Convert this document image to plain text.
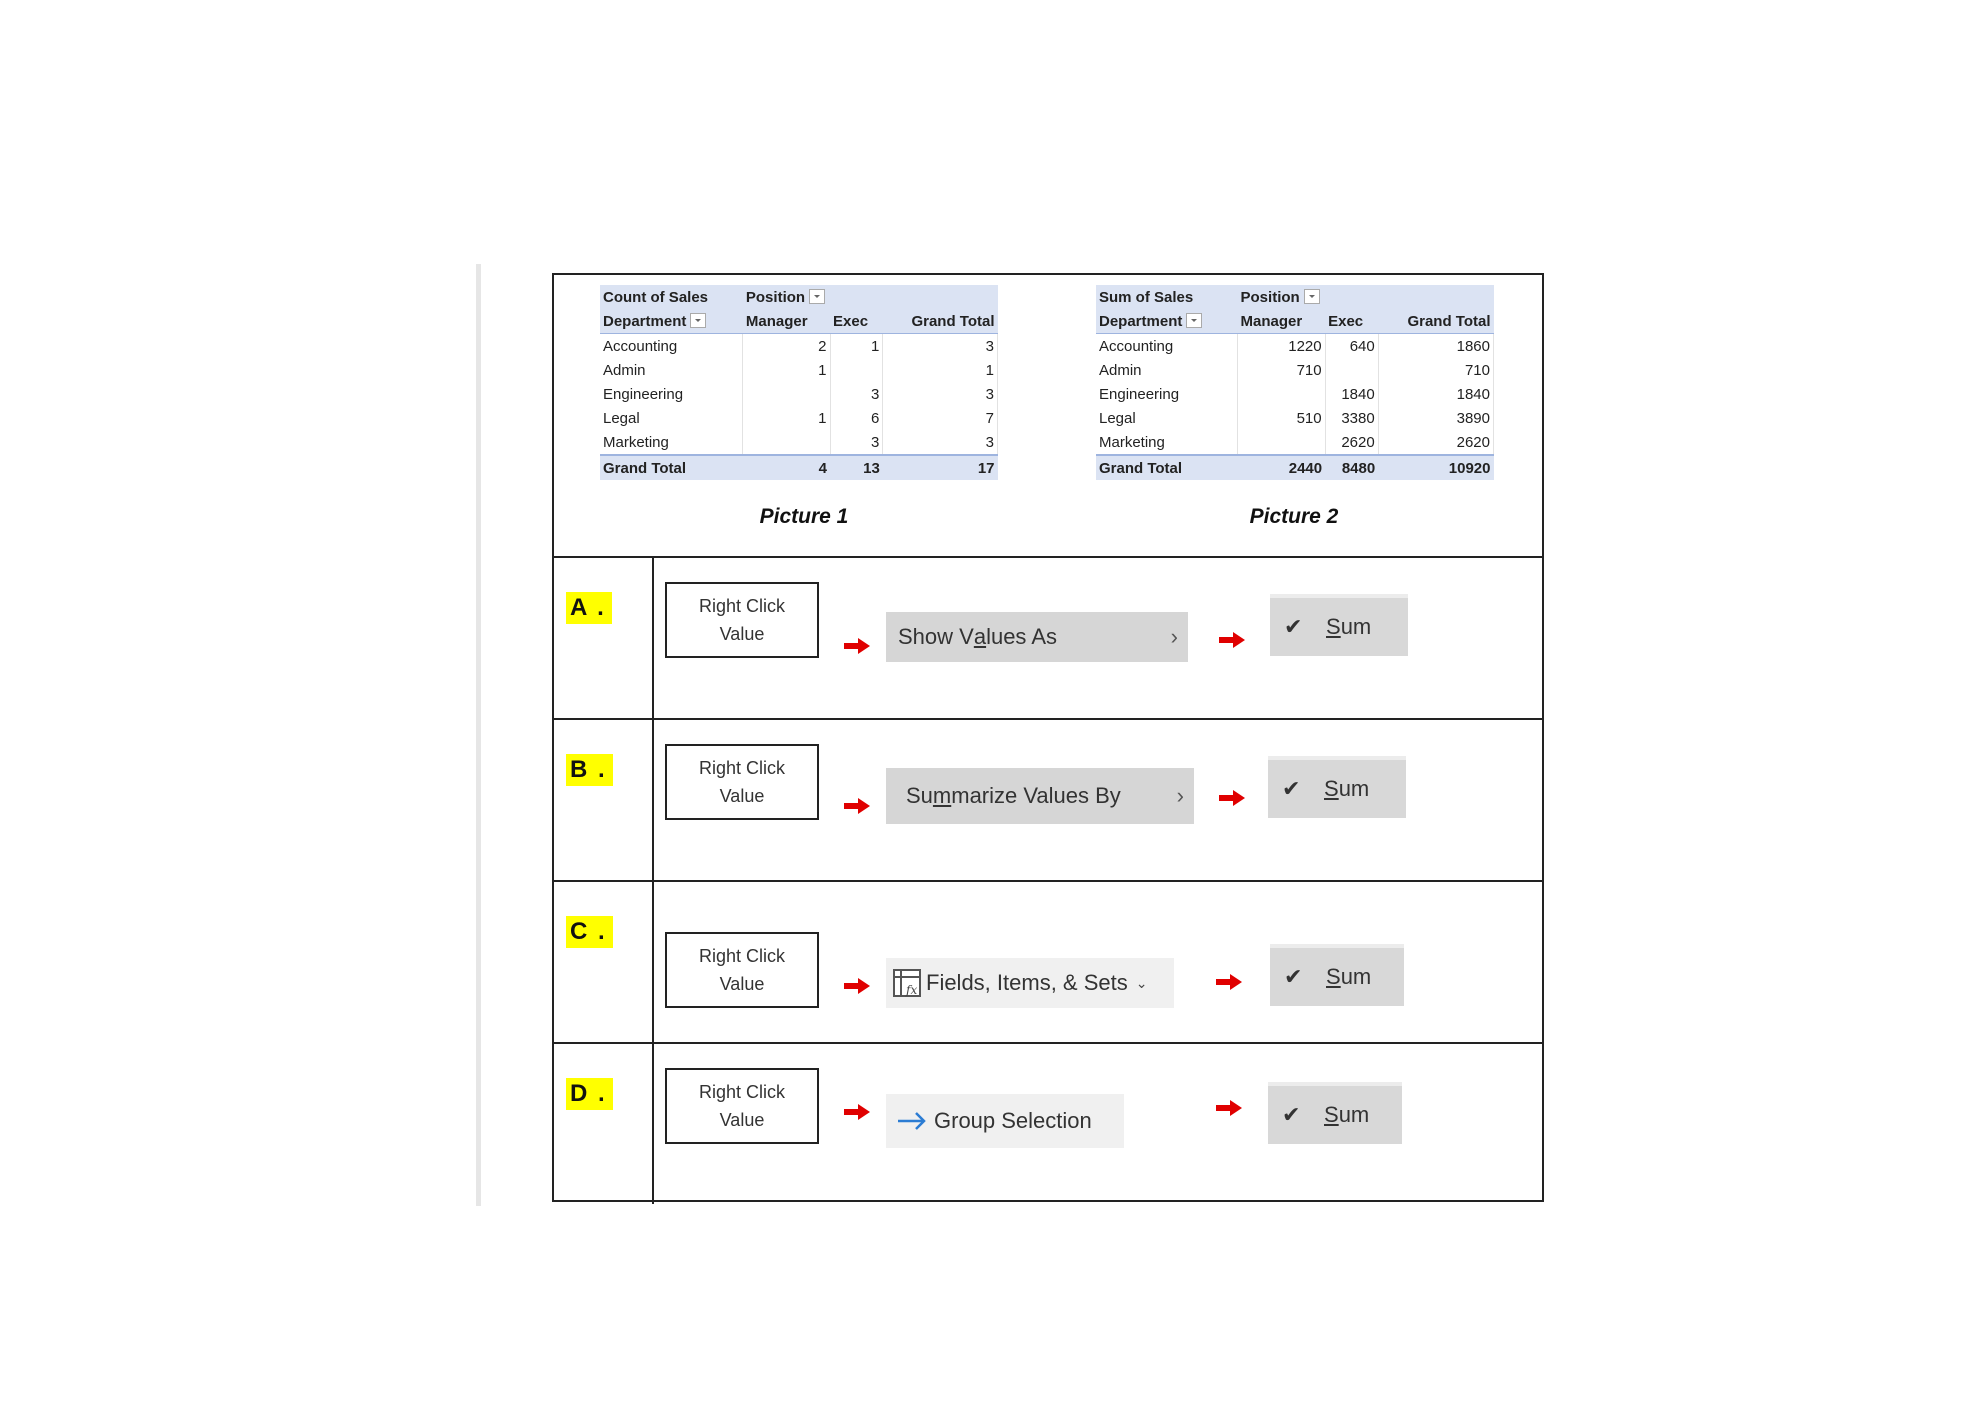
Count of Sales	Position		
Department	Manager	Exec	Grand Total
Accounting	2	1	3
Admin	1		1
Engineering		3	3
Legal	1	6	7
Marketing		3	3
Grand Total	4	13	17
Sum of Sales	Position		
Department	Manager	Exec	Grand Total
Accounting	1220	640	1860
Admin	710		710
Engineering		1840	1840
Legal	510	3380	3890
Marketing		2620	2620
Grand Total	2440	8480	10920
Picture 1	Picture 2
A .	Right Click
Value	Show V a lues As	›	✔	S um
B .	Right Click
Value	Su m marize Values By	›	✔	S um
C .
Right Click
Value	fx Fields, Items, & Sets ⌄	✔	S um
D .	Right Click
Value	Group Selection	✔	S um
